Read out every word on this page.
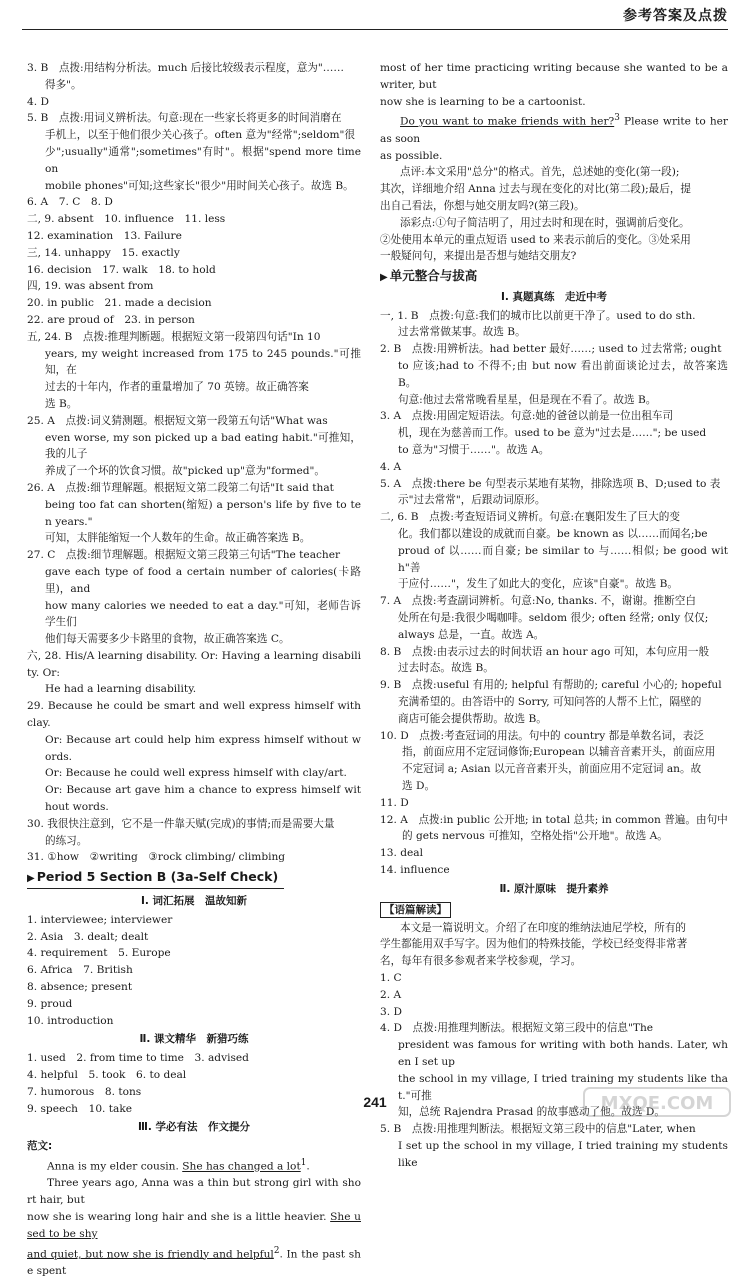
参考答案及点拨
3. B　点拨:用结构分析法。much 后接比较级表示程度，意为"……
得多"。
4. D
5. B　点拨:用词义辨析法。句意:现在一些家长将更多的时间消磨在
手机上，以至于他们很少关心孩子。often 意为"经常";seldom"很
少";usually"通常";sometimes"有时"。根据"spend more time on
mobile phones"可知;这些家长"很少"用时间关心孩子。故选 B。
6. A　7. C　8. D
二, 9. absent　10. influence　11. less
12. examination　13. Failure
三, 14. unhappy　15. exactly
16. decision　17. walk　18. to hold
四, 19. was absent from
20. in public　21. made a decision
22. are proud of　23. in person
五, 24. B　点拨:推理判断题。根据短文第一段第四句话"In 10
years, my weight increased from 175 to 245 pounds."可推知，在
过去的十年内，作者的重量增加了 70 英镑。故正确答案
选 B。
25. A　点拨:词义猜测题。根据短文第一段第五句话"What was
even worse, my son picked up a bad eating habit."可推知，我的儿子
养成了一个坏的饮食习惯。故"picked up"意为"formed"。
26. A　点拨:细节理解题。根据短文第二段第二句话"It said that
being too fat can shorten(缩短) a person's life by five to ten years."
可知，太胖能缩短一个人数年的生命。故正确答案选 B。
27. C　点拨:细节理解题。根据短文第三段第三句话"The teacher
gave each type of food a certain number of calories(卡路里)，and
how many calories we needed to eat a day."可知，老师告诉学生们
他们每天需要多少卡路里的食物，故正确答案选 C。
六, 28. His/A learning disability. Or: Having a learning disability. Or:
He had a learning disability.
29. Because he could be smart and well express himself with clay.
Or: Because art could help him express himself without words.
Or: Because he could well express himself with clay/art.
Or: Because art gave him a chance to express himself without words.
30. 我很快注意到，它不是一件靠天赋(完成)的事情;而是需要大量
的练习。
31. ①how　②writing　③rock climbing/ climbing
▶ Period 5 Section B (3a-Self Check)
Ⅰ. 词汇拓展　温故知新
1. interviewee; interviewer
2. Asia　3. dealt; dealt
4. requirement　5. Europe
6. Africa　7. British
8. absence; present
9. proud
10. introduction
Ⅱ. 课文精华　新猎巧练
1. used　2. from time to time　3. advised
4. helpful　5. took　6. to deal
7. humorous　8. tons
9. speech　10. take
Ⅲ. 学必有法　作文提分
范文:
Anna is my elder cousin. She has changed a lot$^1$.
Three years ago, Anna was a thin but strong girl with short hair, but
now she is wearing long hair and she is a little heavier. She used to be shy
and quiet, but now she is friendly and helpful$^2$. In the past she spent
most of her time practicing writing because she wanted to be a writer, but
now she is learning to be a cartoonist.
Do you want to make friends with her?$^3$ Please write to her as soon
as possible.
点评:本文采用"总分"的格式。首先，总述她的变化(第一段);
其次，详细地介绍 Anna 过去与现在变化的对比(第二段);最后，提
出自己看法，你想与她交朋友吗?(第三段)。
添彩点:①句子简洁明了，用过去时和现在时，强调前后变化。
②处使用本单元的重点短语 used to 来表示前后的变化。③处采用
一般疑问句，来提出是否想与她结交朋友?
▶ 单元整合与拔高
Ⅰ. 真题真练　走近中考
一, 1. B　点拨:句意:我们的城市比以前更干净了。used to do sth.
过去常常做某事。故选 B。
2. B　点拨:用辨析法。had better 最好……; used to 过去常常; ought
to 应该;had to 不得不;由 but now 看出前面谈论过去，故答案选 B。
句意:他过去常常晚看星星，但是现在不看了。故选 B。
3. A　点拨:用固定短语法。句意:她的爸爸以前是一位出租车司
机，现在为慈善而工作。used to be 意为"过去是……"; be used
to 意为"习惯于……"。故选 A。
4. A
5. A　点拨:there be 句型表示某地有某物，排除选项 B、D;used to 表
示"过去常常"，后跟动词原形。
二, 6. B　点拨:考查短语词义辨析。句意:在襄阳发生了巨大的变
化。我们都以建设的成就而自豪。be known as 以……而闻名;be
proud of 以……而自豪; be similar to 与……相似; be good with"善
于应付……"，发生了如此大的变化，应该"自豪"。故选 B。
7. A　点拨:考查副词辨析。句意:No, thanks. 不，谢谢。推断空白
处所在句是:我很少喝咖啡。seldom 很少; often 经常; only 仅仅;
always 总是，一直。故选 A。
8. B　点拨:由表示过去的时间状语 an hour ago 可知，本句应用一般
过去时态。故选 B。
9. B　点拨:useful 有用的; helpful 有帮助的; careful 小心的; hopeful
充满希望的。由答语中的 Sorry, 可知问答的人帮不上忙，隔壁的
商店可能会提供帮助。故选 B。
10. D　点拨:考查冠词的用法。句中的 country 都是单数名词，表泛
指，前面应用不定冠词修饰;European 以辅音音素开头，前面应用
不定冠词 a; Asian 以元音音素开头，前面应用不定冠词 an。故
选 D。
11. D
12. A　点拨:in public 公开地; in total 总共; in common 普遍。由句中
的 gets nervous 可推知，空格处指"公开地"。故选 A。
13. deal
14. influence
Ⅱ. 原汁原味　提升素养
【语篇解读】
本文是一篇说明文。介绍了在印度的维纳法迪尼学校，所有的
学生都能用双手写字。因为他们的特殊技能，学校已经变得非常著
名，每年有很多参观者来学校参观，学习。
1. C
2. A
3. D
4. D　点拨:用推理判断法。根据短文第三段中的信息"The
president was famous for writing with both hands. Later, when I set up
the school in my village, I tried training my students like that."可推
知，总统 Rajendra Prasad 的故事感动了他。故选 D。
5. B　点拨:用推理判断法。根据短文第三段中的信息"Later, when
I set up the school in my village, I tried training my students like
241	MXQE.COM
